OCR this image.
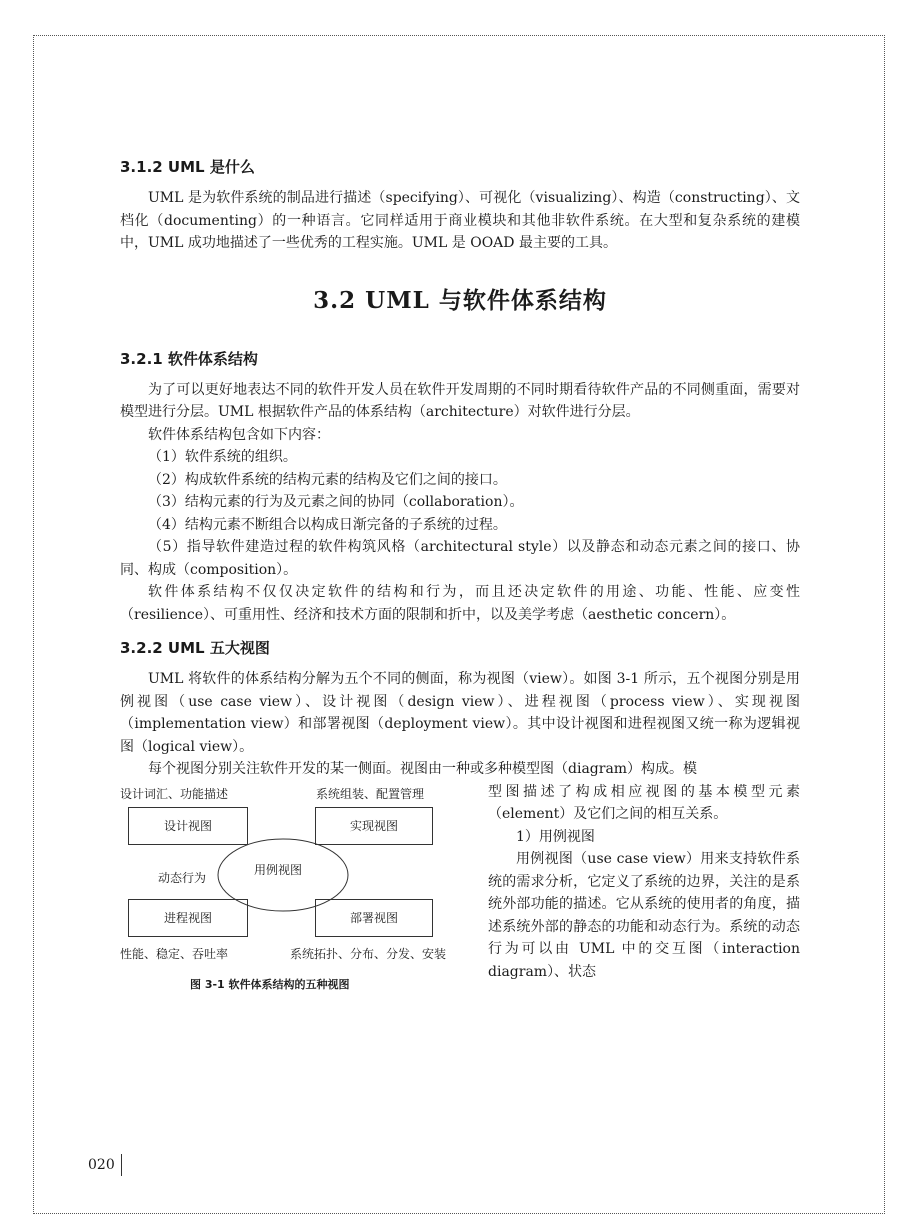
3.1.2 UML 是什么

UML 是为软件系统的制品进行描述（specifying）、可视化（visualizing）、构造（constructing）、文档化（documenting）的一种语言。它同样适用于商业模块和其他非软件系统。在大型和复杂系统的建模中，UML 成功地描述了一些优秀的工程实施。UML 是 OOAD 最主要的工具。

3.2 UML 与软件体系结构
3.2.1 软件体系结构

为了可以更好地表达不同的软件开发人员在软件开发周期的不同时期看待软件产品的不同侧重面，需要对模型进行分层。UML 根据软件产品的体系结构（architecture）对软件进行分层。

软件体系结构包含如下内容：

（1）软件系统的组织。

（2）构成软件系统的结构元素的结构及它们之间的接口。

（3）结构元素的行为及元素之间的协同（collaboration）。

（4）结构元素不断组合以构成日渐完备的子系统的过程。

（5）指导软件建造过程的软件构筑风格（architectural style）以及静态和动态元素之间的接口、协同、构成（composition）。

软件体系结构不仅仅决定软件的结构和行为，而且还决定软件的用途、功能、性能、应变性（resilience）、可重用性、经济和技术方面的限制和折中，以及美学考虑（aesthetic concern）。

3.2.2 UML 五大视图

UML 将软件的体系结构分解为五个不同的侧面，称为视图（view）。如图 3-1 所示，五个视图分别是用例视图（use case view）、设计视图（design view）、进程视图（process view）、实现视图（implementation view）和部署视图（deployment view）。其中设计视图和进程视图又统一称为逻辑视图（logical view）。

每个视图分别关注软件开发的某一侧面。视图由一种或多种模型图（diagram）构成。模

设计词汇、功能描述	系统组装、配置管理
设计视图	实现视图
动态行为
进程视图	部署视图
用例视图
性能、稳定、吞吐率	系统拓扑、分布、分发、安装
图 3-1 软件体系结构的五种视图

型图描述了构成相应视图的基本模型元素（element）及它们之间的相互关系。

1）用例视图

用例视图（use case view）用来支持软件系统的需求分析，它定义了系统的边界，关注的是系统外部功能的描述。它从系统的使用者的角度，描述系统外部的静态的功能和动态行为。系统的动态行为可以由 UML 中的交互图（interaction diagram）、状态

020
